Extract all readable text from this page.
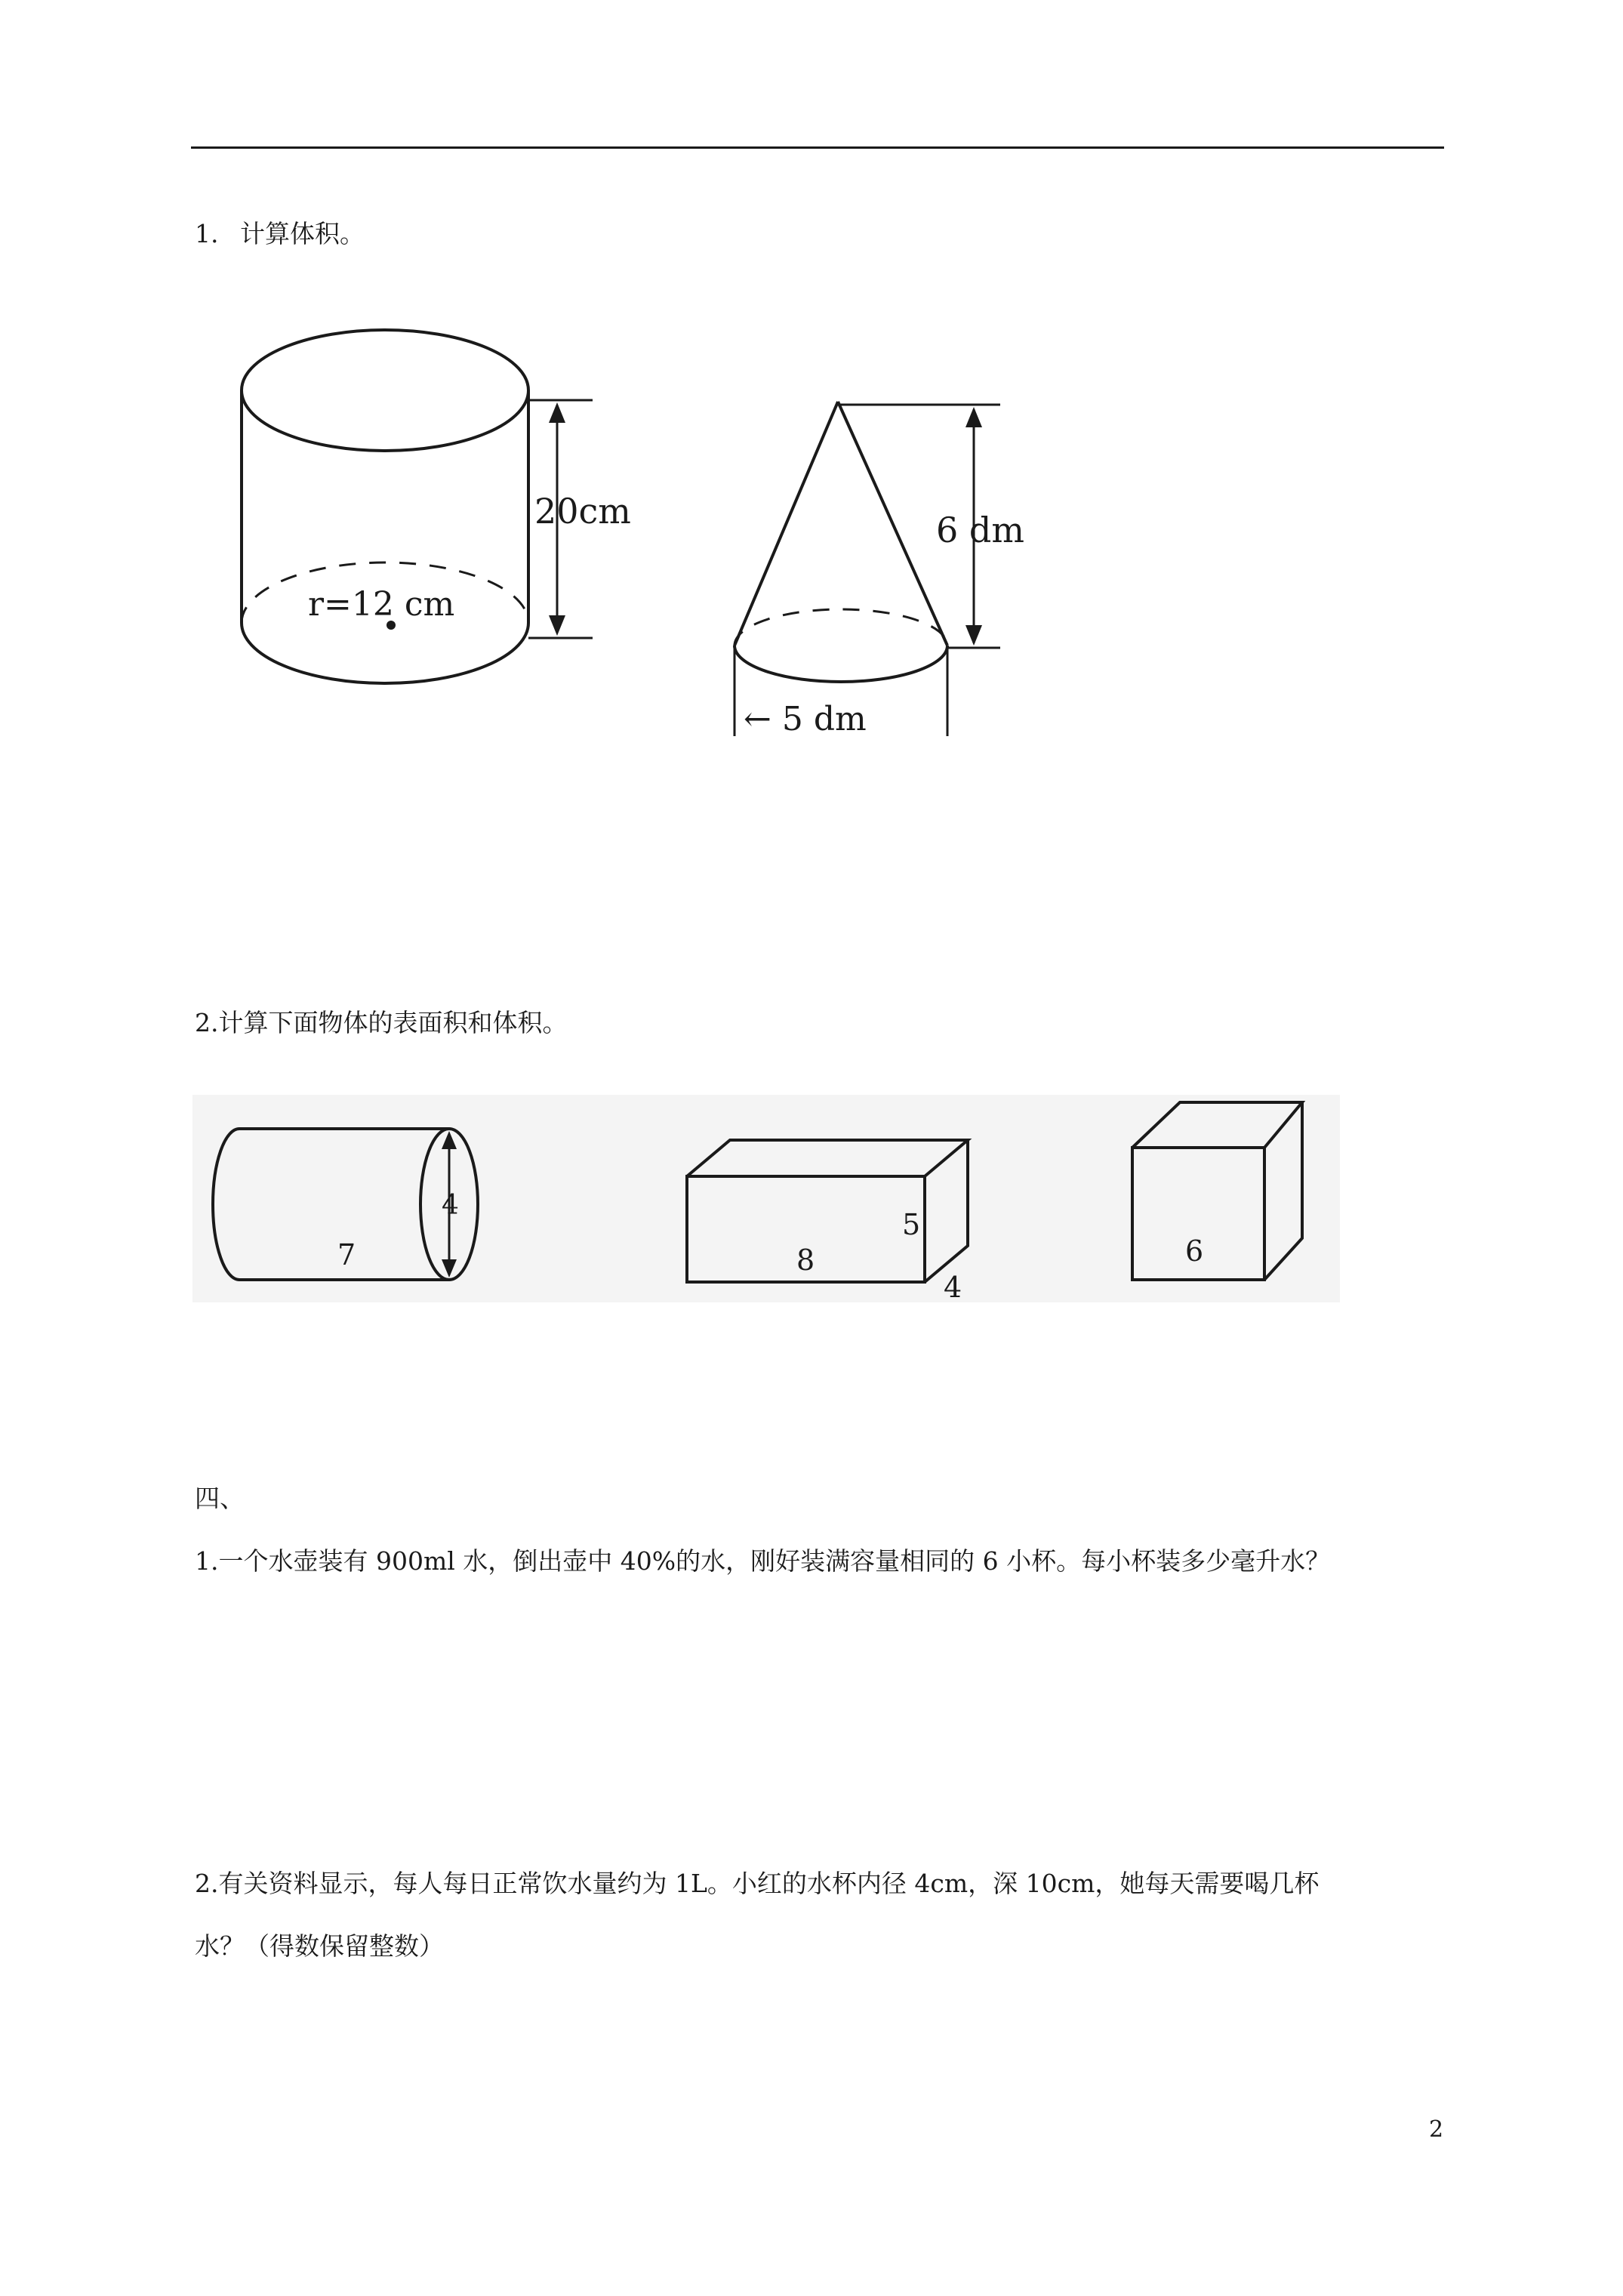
1. 计算体积。
20cm
r=12 cm
6 dm
← 5 dm
2.计算下面物体的表面积和体积。
4
7
5
8
4
6
四、
1.一个水壶装有 900ml 水，倒出壶中 40%的水，刚好装满容量相同的 6 小杯。每小杯装多少毫升水？
2.有关资料显示，每人每日正常饮水量约为 1L。小红的水杯内径 4cm，深 10cm，她每天需要喝几杯
水？（得数保留整数）
2
